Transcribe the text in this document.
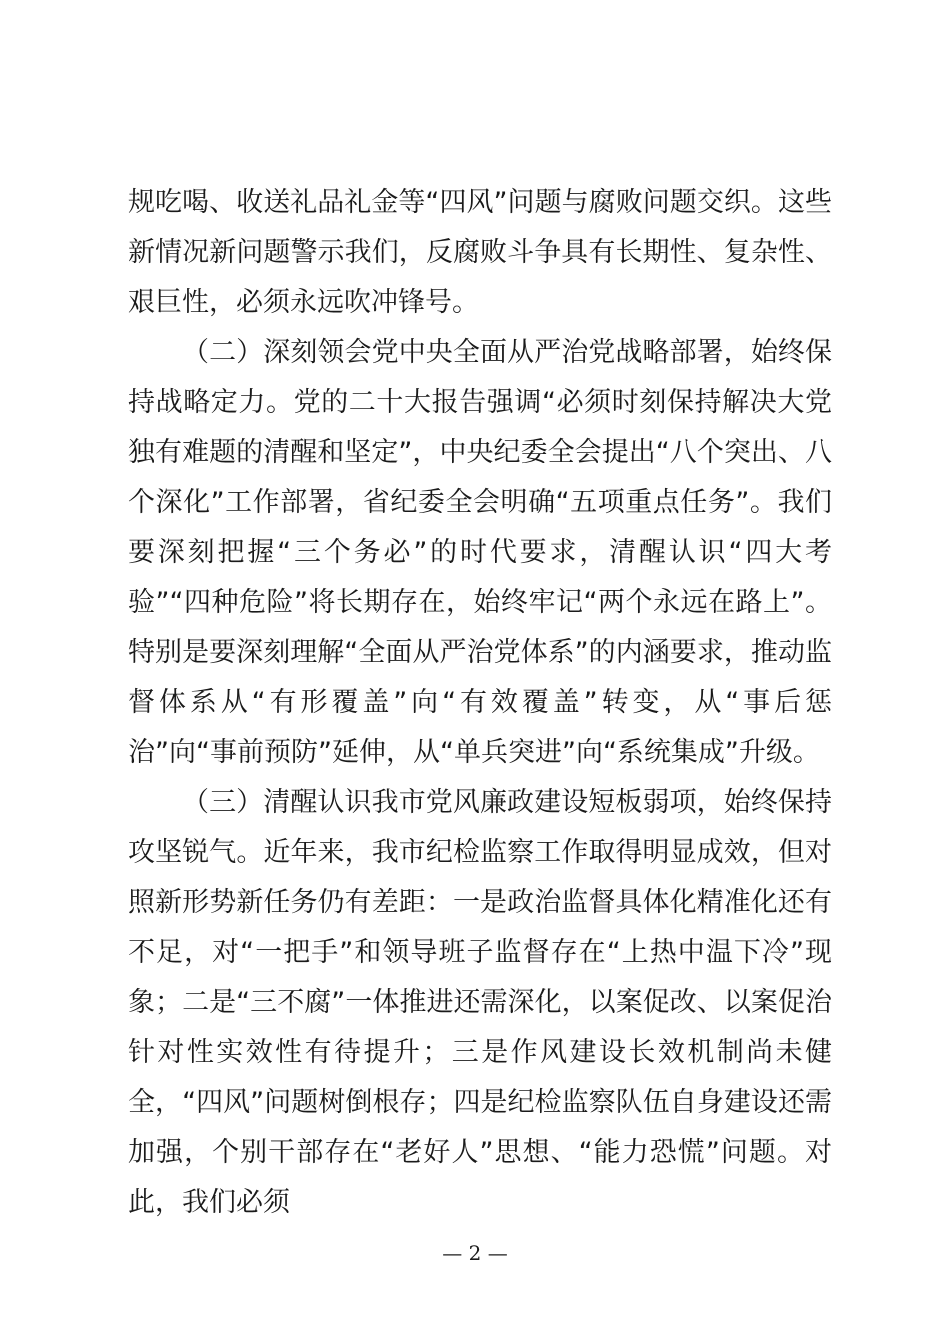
规吃喝、收送礼品礼金等“四风”问题与腐败问题交织。这些新情况新问题警示我们，反腐败斗争具有长期性、复杂性、艰巨性，必须永远吹冲锋号。

（二）深刻领会党中央全面从严治党战略部署，始终保持战略定力。党的二十大报告强调“必须时刻保持解决大党独有难题的清醒和坚定”，中央纪委全会提出“八个突出、八个深化”工作部署，省纪委全会明确“五项重点任务”。我们要深刻把握“三个务必”的时代要求，清醒认识“四大考验”“四种危险”将长期存在，始终牢记“两个永远在路上”。特别是要深刻理解“全面从严治党体系”的内涵要求，推动监督体系从“有形覆盖”向“有效覆盖”转变，从“事后惩治”向“事前预防”延伸，从“单兵突进”向“系统集成”升级。

（三）清醒认识我市党风廉政建设短板弱项，始终保持攻坚锐气。近年来，我市纪检监察工作取得明显成效，但对照新形势新任务仍有差距：一是政治监督具体化精准化还有不足，对“一把手”和领导班子监督存在“上热中温下冷”现象；二是“三不腐”一体推进还需深化，以案促改、以案促治针对性实效性有待提升；三是作风建设长效机制尚未健全，“四风”问题树倒根存；四是纪检监察队伍自身建设还需加强，个别干部存在“老好人”思想、“能力恐慌”问题。对此，我们必须

— 2 —
